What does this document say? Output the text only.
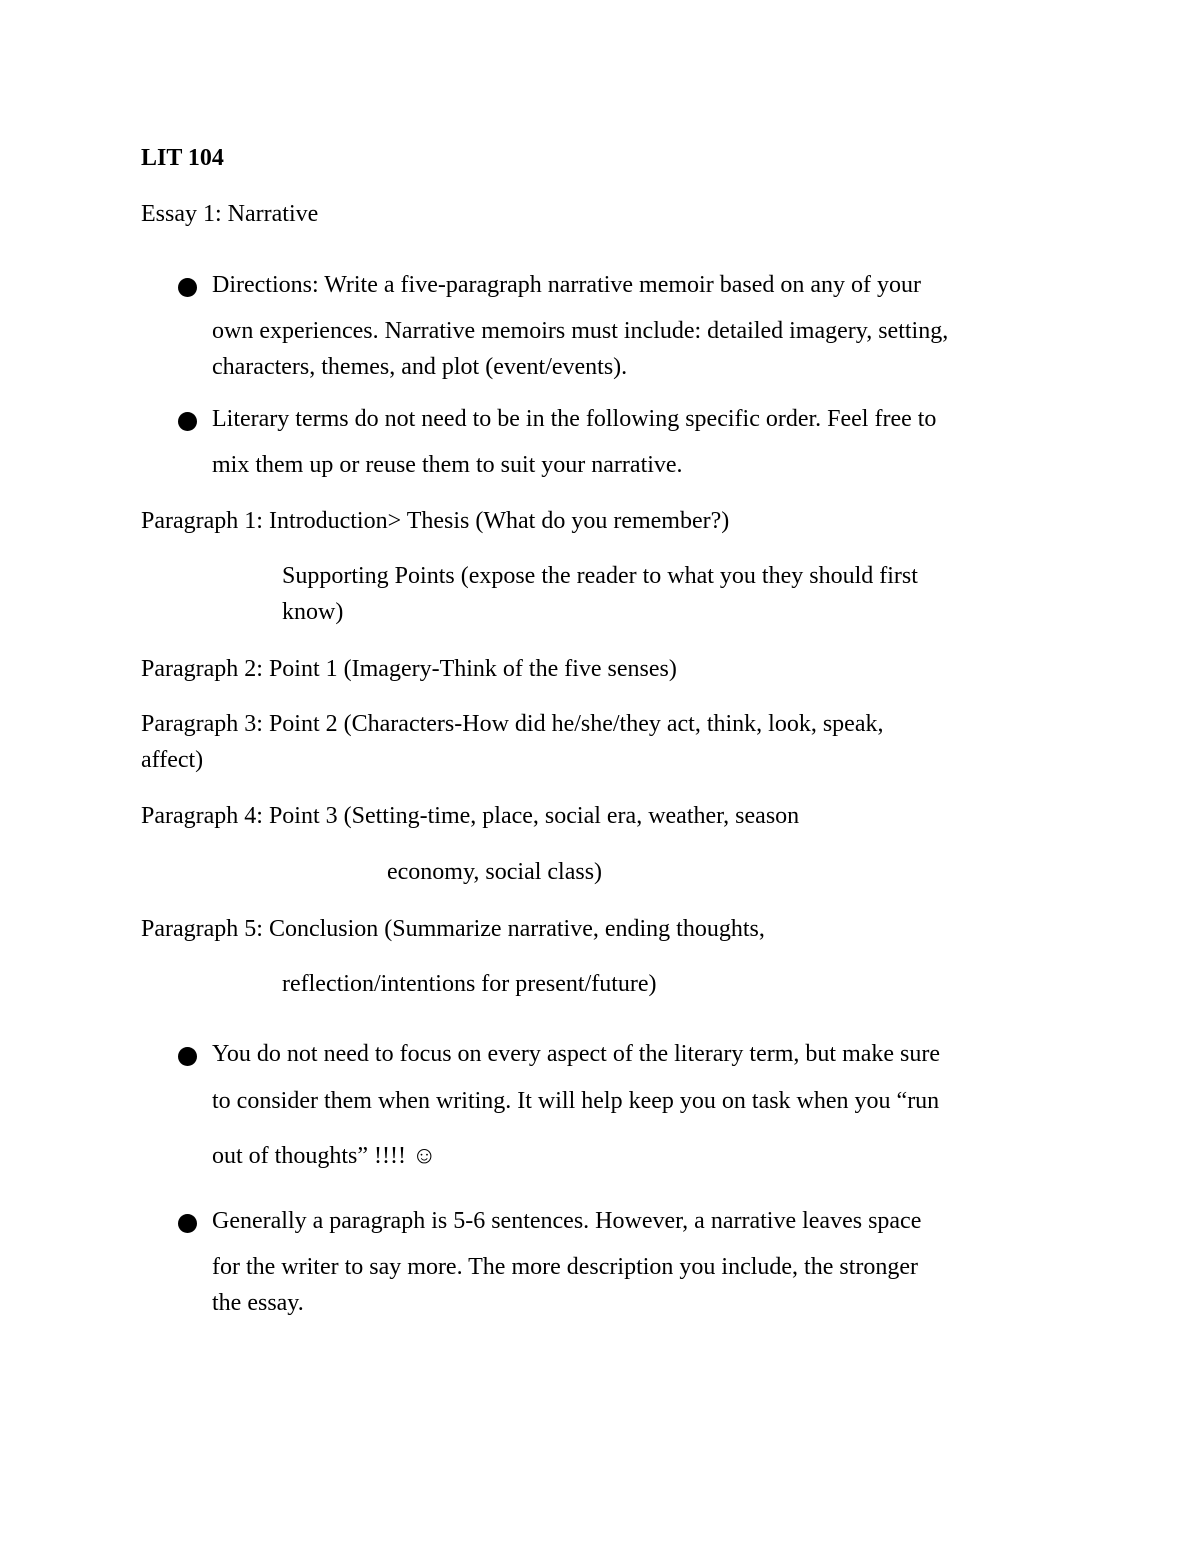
LIT 104
Essay 1: Narrative
Directions: Write a five-paragraph narrative memoir based on any of your
own experiences. Narrative memoirs must include: detailed imagery, setting,
characters, themes, and plot (event/events).
Literary terms do not need to be in the following specific order. Feel free to
mix them up or reuse them to suit your narrative.
Paragraph 1: Introduction> Thesis (What do you remember?)
Supporting Points (expose the reader to what you they should first
know)
Paragraph 2: Point 1 (Imagery-Think of the five senses)
Paragraph 3: Point 2 (Characters-How did he/she/they act, think, look, speak,
affect)
Paragraph 4: Point 3 (Setting-time, place, social era, weather, season
economy, social class)
Paragraph 5: Conclusion (Summarize narrative, ending thoughts,
reflection/intentions for present/future)
You do not need to focus on every aspect of the literary term, but make sure
to consider them when writing. It will help keep you on task when you “run
out of thoughts” !!!! ☺
Generally a paragraph is 5-6 sentences. However, a narrative leaves space
for the writer to say more. The more description you include, the stronger
the essay.
